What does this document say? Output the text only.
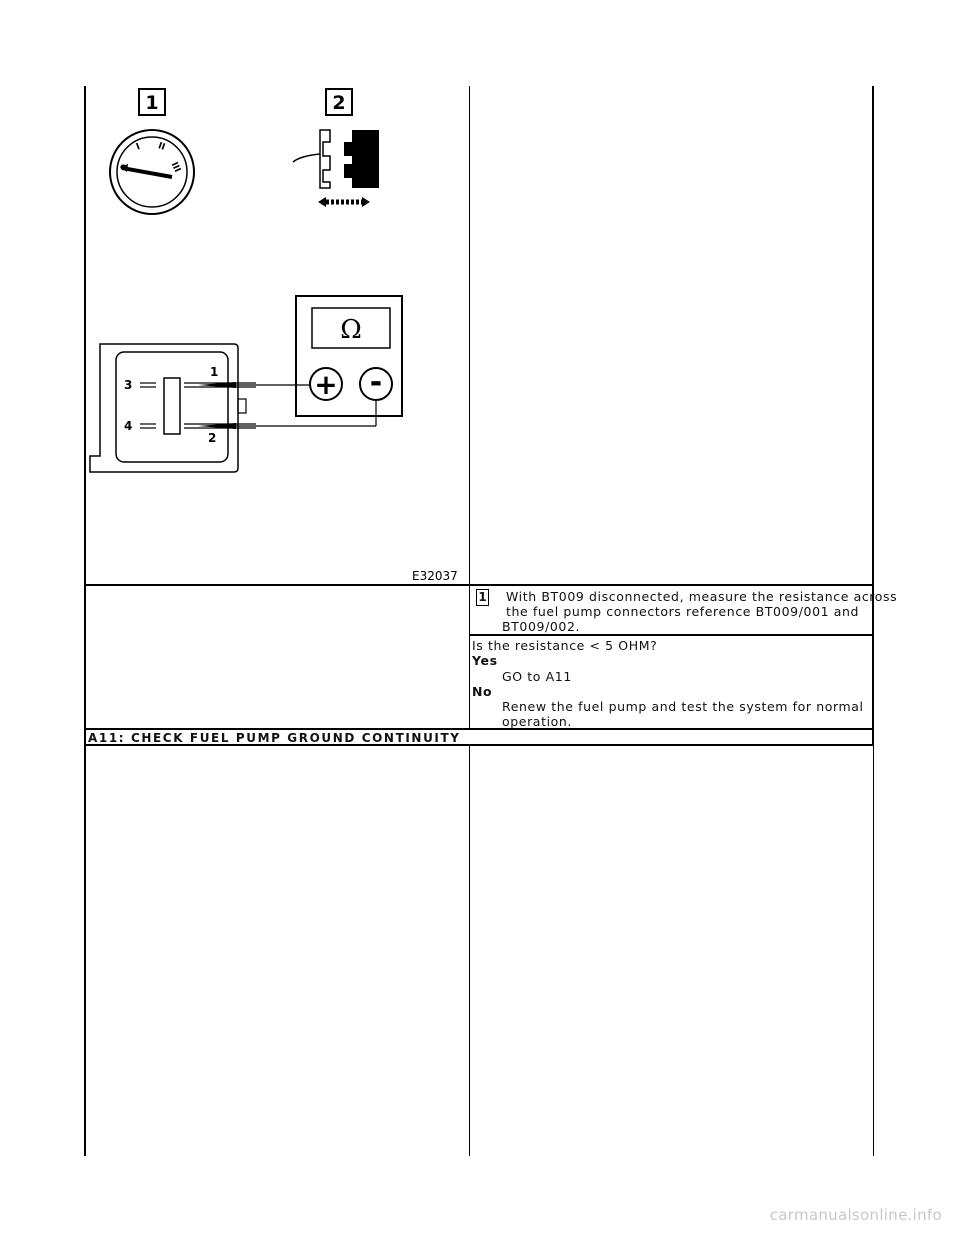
1	2
0
I II
III
Ω
+ -
3
4
1
2
E32037
1 With BT009 disconnected, measure the resistance across
the fuel pump connectors reference BT009/001 and
BT009/002.
Is the resistance < 5 OHM?
Yes
GO to A11
No
Renew the fuel pump and test the system for normal
operation.
A11: CHECK FUEL PUMP GROUND CONTINUITY
carmanualsonline.info
